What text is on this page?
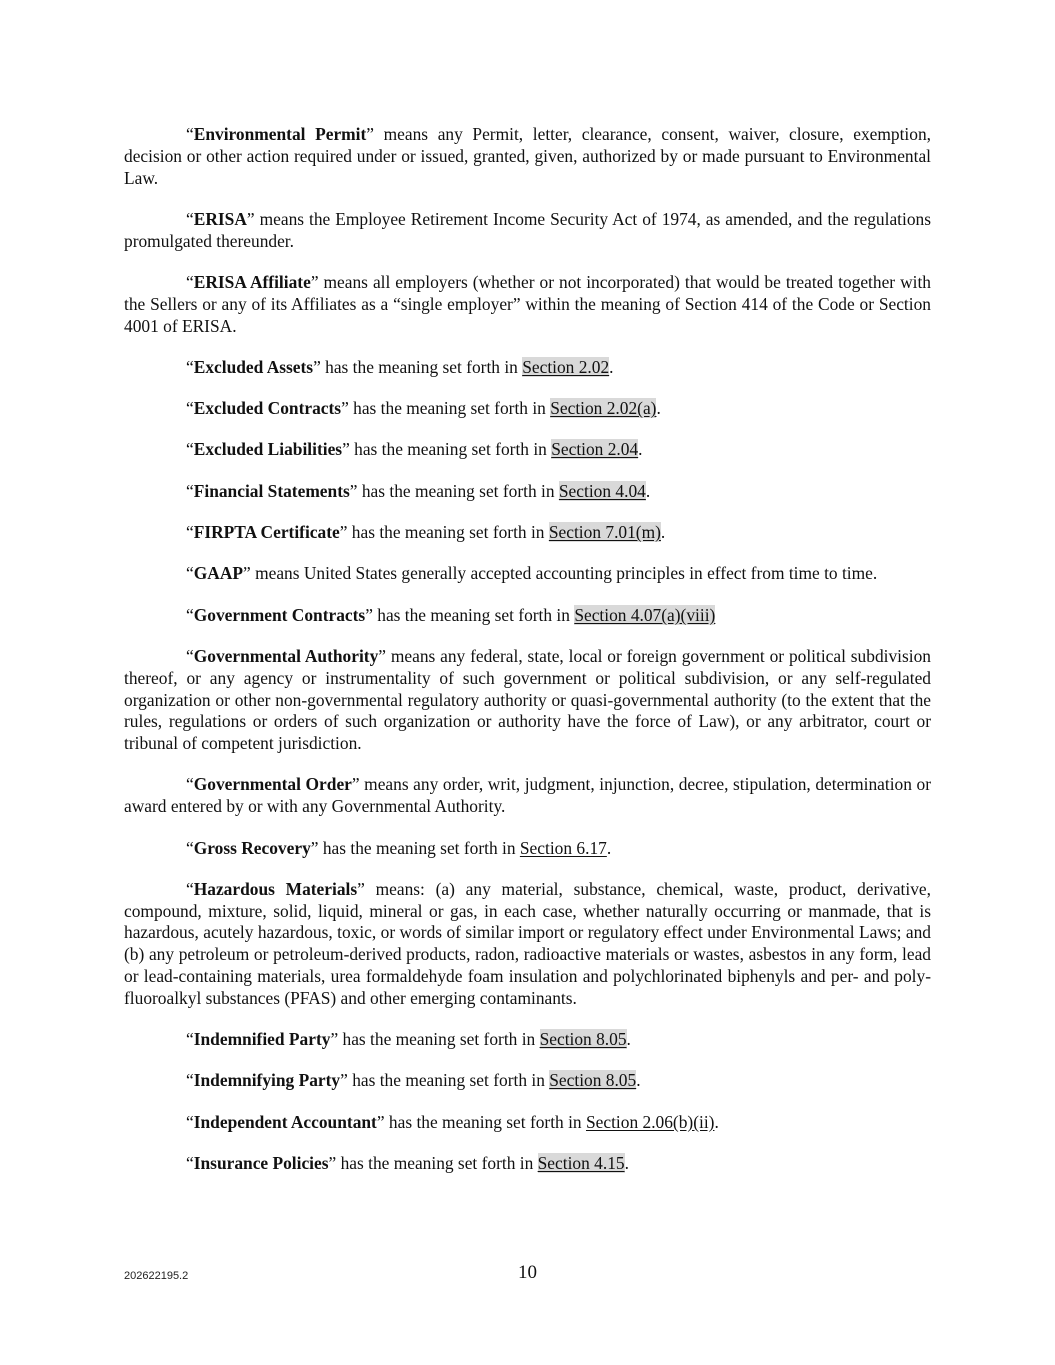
“Environmental Permit” means any Permit, letter, clearance, consent, waiver, closure, exemption, decision or other action required under or issued, granted, given, authorized by or made pursuant to Environmental Law.

“ERISA” means the Employee Retirement Income Security Act of 1974, as amended, and the regulations promulgated thereunder.

“ERISA Affiliate” means all employers (whether or not incorporated) that would be treated together with the Sellers or any of its Affiliates as a “single employer” within the meaning of Section 414 of the Code or Section 4001 of ERISA.

“Excluded Assets” has the meaning set forth in Section 2.02.

“Excluded Contracts” has the meaning set forth in Section 2.02(a).

“Excluded Liabilities” has the meaning set forth in Section 2.04.

“Financial Statements” has the meaning set forth in Section 4.04.

“FIRPTA Certificate” has the meaning set forth in Section 7.01(m).

“GAAP” means United States generally accepted accounting principles in effect from time to time.

“Government Contracts” has the meaning set forth in Section 4.07(a)(viii)

“Governmental Authority” means any federal, state, local or foreign government or political subdivision thereof, or any agency or instrumentality of such government or political subdivision, or any self-regulated organization or other non-governmental regulatory authority or quasi-governmental authority (to the extent that the rules, regulations or orders of such organization or authority have the force of Law), or any arbitrator, court or tribunal of competent jurisdiction.

“Governmental Order” means any order, writ, judgment, injunction, decree, stipulation, determination or award entered by or with any Governmental Authority.

“Gross Recovery” has the meaning set forth in Section 6.17.

“Hazardous Materials” means: (a) any material, substance, chemical, waste, product, derivative, compound, mixture, solid, liquid, mineral or gas, in each case, whether naturally occurring or manmade, that is hazardous, acutely hazardous, toxic, or words of similar import or regulatory effect under Environmental Laws; and (b) any petroleum or petroleum-derived products, radon, radioactive materials or wastes, asbestos in any form, lead or lead-containing materials, urea formaldehyde foam insulation and polychlorinated biphenyls and per- and poly-fluoroalkyl substances (PFAS) and other emerging contaminants.

“Indemnified Party” has the meaning set forth in Section 8.05.

“Indemnifying Party” has the meaning set forth in Section 8.05.

“Independent Accountant” has the meaning set forth in Section 2.06(b)(ii).

“Insurance Policies” has the meaning set forth in Section 4.15.

202622195.2	10
